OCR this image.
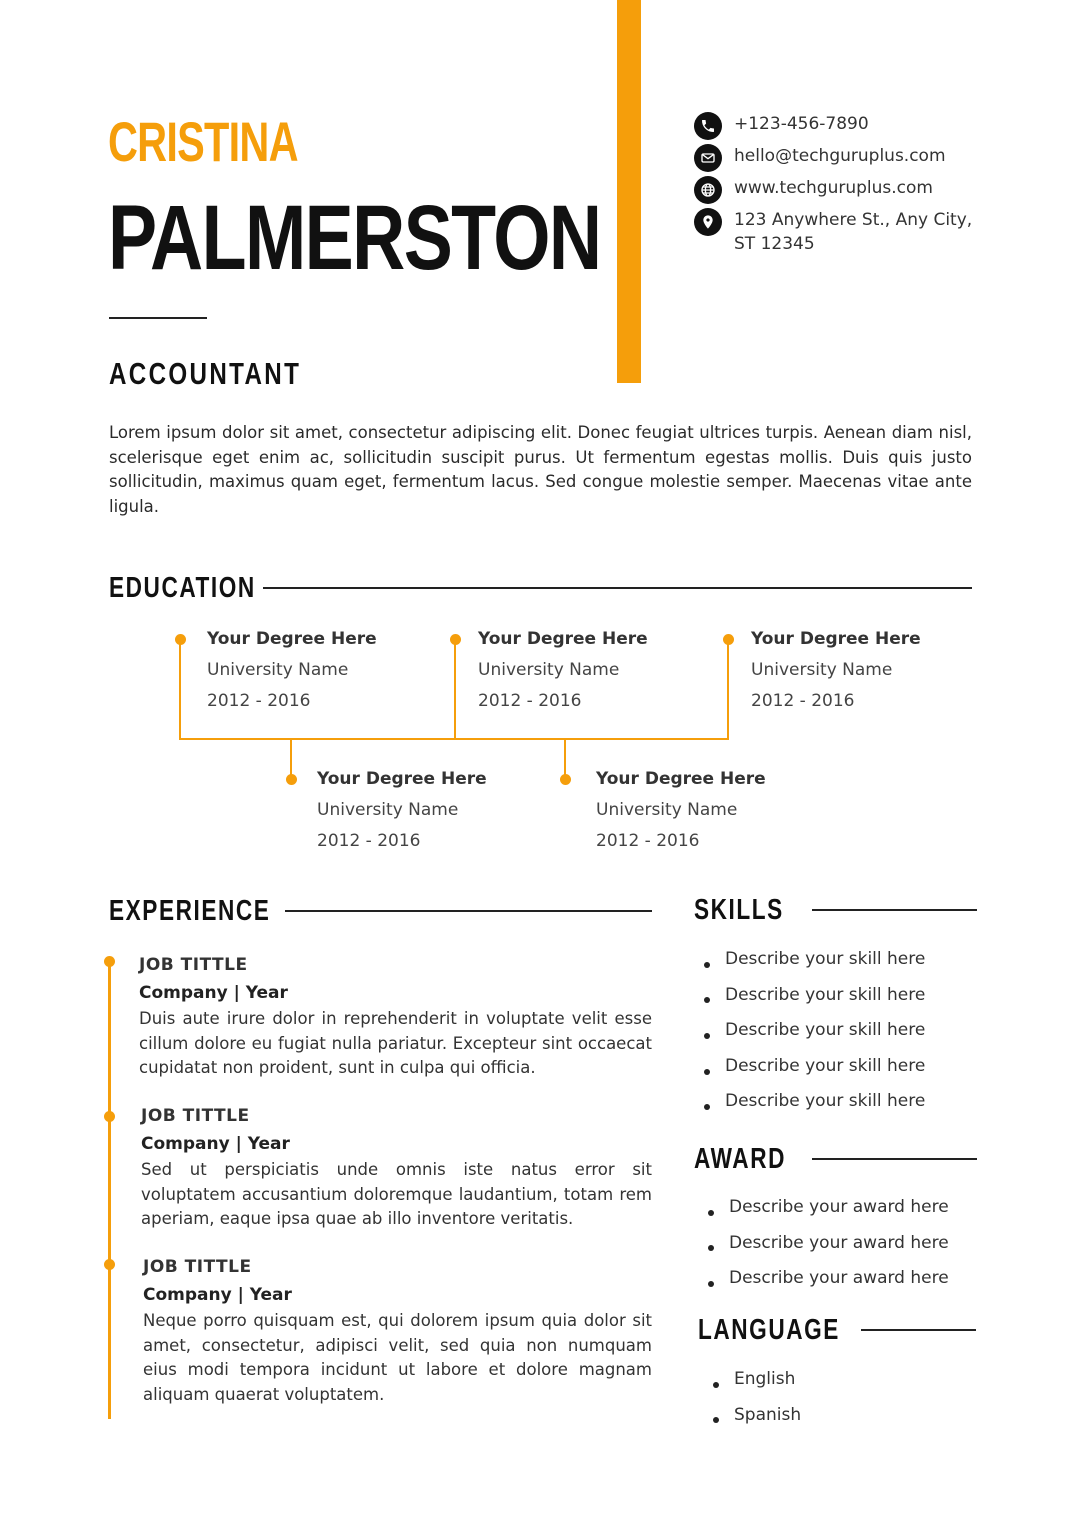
CRISTINA
PALMERSTON
ACCOUNTANT
+123-456-7890
hello@techguruplus.com
www.techguruplus.com
123 Anywhere St., Any City,
ST 12345

Lorem ipsum dolor sit amet, consectetur adipiscing elit. Donec feugiat ultrices turpis. Aenean diam nisl, scelerisque eget enim ac, sollicitudin suscipit purus. Ut fermentum egestas mollis. Duis quis justo sollicitudin, maximus quam eget, fermentum lacus. Sed congue molestie semper. Maecenas vitae ante ligula.

EDUCATION
Your Degree Here
University Name
2012 - 2016
Your Degree Here
University Name
2012 - 2016
Your Degree Here
University Name
2012 - 2016
Your Degree Here
University Name
2012 - 2016
Your Degree Here
University Name
2012 - 2016
EXPERIENCE
JOB TITTLE
Company | Year

Duis aute irure dolor in reprehenderit in voluptate velit esse cillum dolore eu fugiat nulla pariatur. Excepteur sint occaecat cupidatat non proident, sunt in culpa qui officia.

JOB TITTLE
Company | Year

Sed ut perspiciatis unde omnis iste natus error sit voluptatem accusantium doloremque laudantium, totam rem aperiam, eaque ipsa quae ab illo inventore veritatis.

JOB TITTLE
Company | Year

Neque porro quisquam est, qui dolorem ipsum quia dolor sit amet, consectetur, adipisci velit, sed quia non numquam eius modi tempora incidunt ut labore et dolore magnam aliquam quaerat voluptatem.

SKILLS
Describe your skill here
Describe your skill here
Describe your skill here
Describe your skill here
Describe your skill here
AWARD
Describe your award here
Describe your award here
Describe your award here
LANGUAGE
English
Spanish
